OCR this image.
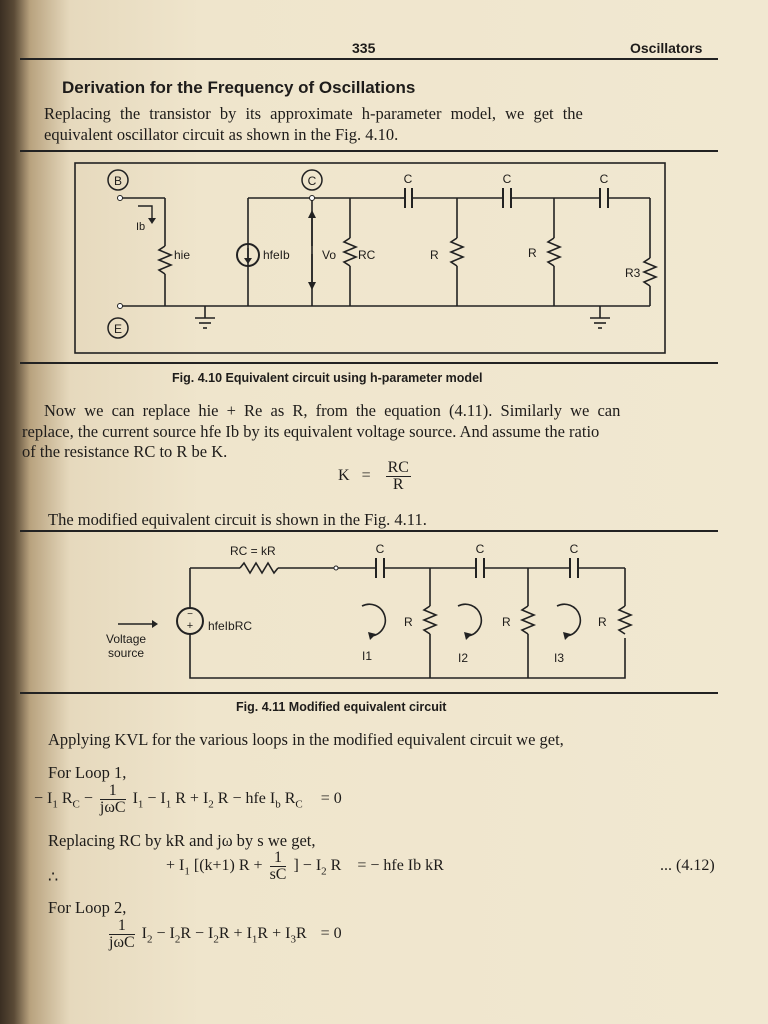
335	Oscillators
Derivation for the Frequency of Oscillations
Replacing the transistor by its approximate h-parameter model, we get the
equivalent oscillator circuit as shown in the Fig. 4.10.
B	C
E
Ib
hie	hfeIb	Vo RC	R	R
R3
C	C	C
Fig. 4.10 Equivalent circuit using h-parameter model
Now we can replace hie + Re as R, from the equation (4.11). Similarly we can
replace, the current source hfe Ib by its equivalent voltage source. And assume the ratio
of the resistance RC to R be K.
$K = \frac{RC}{R}$
The modified equivalent circuit is shown in the Fig. 4.11.
−
+
RC = kR	C	C	C
hfeIbRC
Voltage
source
R	R	R
I1	I2	I3
Fig. 4.11 Modified equivalent circuit
Applying KVL for the various loops in the modified equivalent circuit we get,
For Loop 1,
− $I_1$ $R_C - \frac{1}{\text{jωC}} I_1 - I_1$ $R + I_2$ R − hfe $I_b$ $R_C = 0$
Replacing RC by kR and jω by s we get,
∴
+ $I_1$ [(k+1) $R + \frac{1}{sC}$ ] − $I_2$ R = − hfe Ib kR	... (4.12)
For Loop 2,
$\frac{1}{\text{jωC}} I_2 - I_2R - I_2R + I_1R + I_3R = 0$
